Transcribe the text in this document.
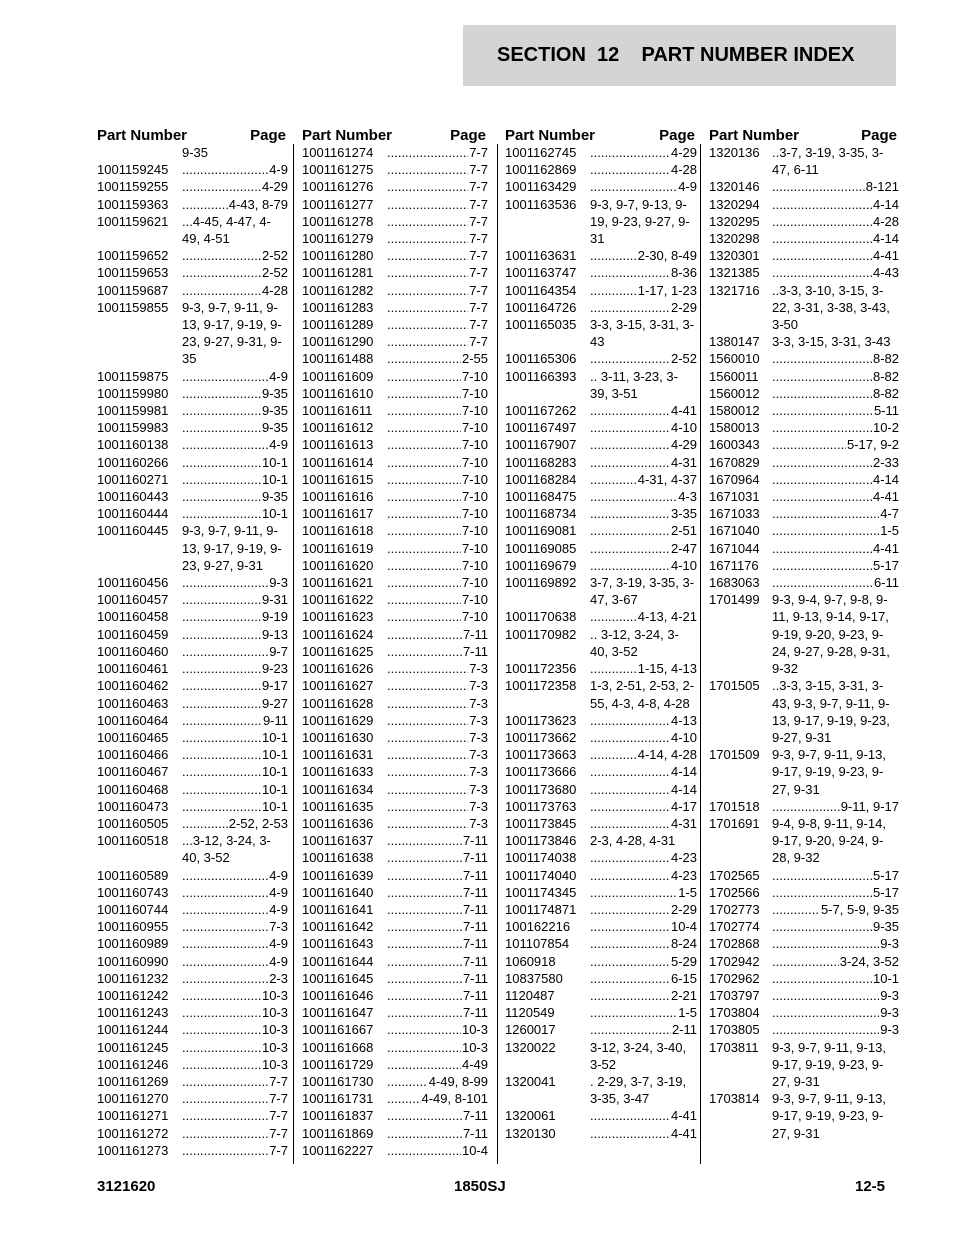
SECTION  12 PART NUMBER INDEX
Part Number	Page
9-35
1001159245 .....	4-9
1001159255 .....	4-29
1001159363 .....	4-43, 8-79
1001159621	...4-45, 4-47, 4-49, 4-51
1001159652 .....	2-52
1001159653 .....	2-52
1001159687 .....	4-28
1001159855	9-3, 9-7, 9-11, 9-13, 9-17, 9-19, 9-23, 9-27, 9-31, 9-35
1001159875 .....	4-9
1001159980 .....	9-35
1001159981 .....	9-35
1001159983 .....	9-35
1001160138 .....	4-9
1001160266 .....	10-1
1001160271 .....	10-1
1001160443 .....	9-35
1001160444 .....	10-1
1001160445	9-3, 9-7, 9-11, 9-13, 9-17, 9-19, 9-23, 9-27, 9-31
1001160456 .....	9-3
1001160457 .....	9-31
1001160458 .....	9-19
1001160459 .....	9-13
1001160460 .....	9-7
1001160461 .....	9-23
1001160462 .....	9-17
1001160463 .....	9-27
1001160464 .....	9-11
1001160465 .....	10-1
1001160466 .....	10-1
1001160467 .....	10-1
1001160468 .....	10-1
1001160473 .....	10-1
1001160505 .....	2-52, 2-53
1001160518	...3-12, 3-24, 3-40, 3-52
1001160589 .....	4-9
1001160743 .....	4-9
1001160744 .....	4-9
1001160955 .....	7-3
1001160989 .....	4-9
1001160990 .....	4-9
1001161232 .....	2-3
1001161242 .....	10-3
1001161243 .....	10-3
1001161244 .....	10-3
1001161245 .....	10-3
1001161246 .....	10-3
1001161269 .....	7-7
1001161270 .....	7-7
1001161271 .....	7-7
1001161272 .....	7-7
1001161273 .....	7-7
Part Number	Page
1001161274 .....	7-7
1001161275 .....	7-7
1001161276 .....	7-7
1001161277 .....	7-7
1001161278 .....	7-7
1001161279 .....	7-7
1001161280 .....	7-7
1001161281 .....	7-7
1001161282 .....	7-7
1001161283 .....	7-7
1001161289 .....	7-7
1001161290 .....	7-7
1001161488 .....	2-55
1001161609 .....	7-10
1001161610 .....	7-10
1001161611 .....	7-10
1001161612 .....	7-10
1001161613 .....	7-10
1001161614 .....	7-10
1001161615 .....	7-10
1001161616 .....	7-10
1001161617 .....	7-10
1001161618 .....	7-10
1001161619 .....	7-10
1001161620 .....	7-10
1001161621 .....	7-10
1001161622 .....	7-10
1001161623 .....	7-10
1001161624 .....	7-11
1001161625 .....	7-11
1001161626 .....	7-3
1001161627 .....	7-3
1001161628 .....	7-3
1001161629 .....	7-3
1001161630 .....	7-3
1001161631 .....	7-3
1001161633 .....	7-3
1001161634 .....	7-3
1001161635 .....	7-3
1001161636 .....	7-3
1001161637 .....	7-11
1001161638 .....	7-11
1001161639 .....	7-11
1001161640 .....	7-11
1001161641 .....	7-11
1001161642 .....	7-11
1001161643 .....	7-11
1001161644 .....	7-11
1001161645 .....	7-11
1001161646 .....	7-11
1001161647 .....	7-11
1001161667 .....	10-3
1001161668 .....	10-3
1001161729 .....	4-49
1001161730 .....	4-49, 8-99
1001161731 .....	4-49, 8-101
1001161837 .....	7-11
1001161869 .....	7-11
1001162227 .....	10-4
Part Number	Page
1001162745 .....	4-29
1001162869 .....	4-28
1001163429 .....	4-9
1001163536	9-3, 9-7, 9-13, 9-19, 9-23, 9-27, 9-31
1001163631 .....	2-30, 8-49
1001163747 .....	8-36
1001164354 .....	1-17, 1-23
1001164726 .....	2-29
1001165035	3-3, 3-15, 3-31, 3-43
1001165306 .....	2-52
1001166393	.. 3-11, 3-23, 3-39, 3-51
1001167262 .....	4-41
1001167497 .....	4-10
1001167907 .....	4-29
1001168283 .....	4-31
1001168284 .....	4-31, 4-37
1001168475 .....	4-3
1001168734 .....	3-35
1001169081 .....	2-51
1001169085 .....	2-47
1001169679 .....	4-10
1001169892	3-7, 3-19, 3-35, 3-47, 3-67
1001170638 .....	4-13, 4-21
1001170982	.. 3-12, 3-24, 3-40, 3-52
1001172356 .....	1-15, 4-13
1001172358	1-3, 2-51, 2-53, 2-55, 4-3, 4-8, 4-28
1001173623 .....	4-13
1001173662 .....	4-10
1001173663 .....	4-14, 4-28
1001173666 .....	4-14
1001173680 .....	4-14
1001173763 .....	4-17
1001173845 .....	4-31
1001173846	2-3, 4-28, 4-31
1001174038 .....	4-23
1001174040 .....	4-23
1001174345 .....	1-5
1001174871 .....	2-29
100162216 .....	10-4
101107854 .....	8-24
1060918 .....	5-29
10837580 .....	6-15
1120487 .....	2-21
1120549 .....	1-5
1260017 .....	2-11
1320022	3-12, 3-24, 3-40, 3-52
1320041	. 2-29, 3-7, 3-19, 3-35, 3-47
1320061 .....	4-41
1320130 .....	4-41
Part Number	Page
1320136 ..3-7, 3-19, 3-35, 3-47, 6-11
1320146 .....	8-121
1320294 .....	4-14
1320295 .....	4-28
1320298 .....	4-14
1320301 .....	4-41
1321385 .....	4-43
1321716 ..3-3, 3-10, 3-15, 3-22, 3-31, 3-38, 3-43, 3-50
1380147 3-3, 3-15, 3-31, 3-43
1560010 .....	8-82
1560011 .....	8-82
1560012 .....	8-82
1580012 .....	5-11
1580013 .....	10-2
1600343 .....	5-17, 9-2
1670829 .....	2-33
1670964 .....	4-14
1671031 .....	4-41
1671033 .....	4-7
1671040 .....	1-5
1671044 .....	4-41
1671176 .....	5-17
1683063 .....	6-11
1701499 9-3, 9-4, 9-7, 9-8, 9-11, 9-13, 9-14, 9-17, 9-19, 9-20, 9-23, 9-24, 9-27, 9-28, 9-31, 9-32
1701505 ..3-3, 3-15, 3-31, 3-43, 9-3, 9-7, 9-11, 9-13, 9-17, 9-19, 9-23, 9-27, 9-31
1701509 9-3, 9-7, 9-11, 9-13, 9-17, 9-19, 9-23, 9-27, 9-31
1701518 .....	9-11, 9-17
1701691 9-4, 9-8, 9-11, 9-14, 9-17, 9-20, 9-24, 9-28, 9-32
1702565 .....	5-17
1702566 .....	5-17
1702773 .....	5-7, 5-9, 9-35
1702774 .....	9-35
1702868 .....	9-3
1702942 .....	3-24, 3-52
1702962 .....	10-1
1703797 .....	9-3
1703804 .....	9-3
1703805 .....	9-3
1703811	9-3, 9-7, 9-11, 9-13, 9-17, 9-19, 9-23, 9-27, 9-31
1703814 9-3, 9-7, 9-11, 9-13, 9-17, 9-19, 9-23, 9-27, 9-31
3121620	1850SJ	12-5
